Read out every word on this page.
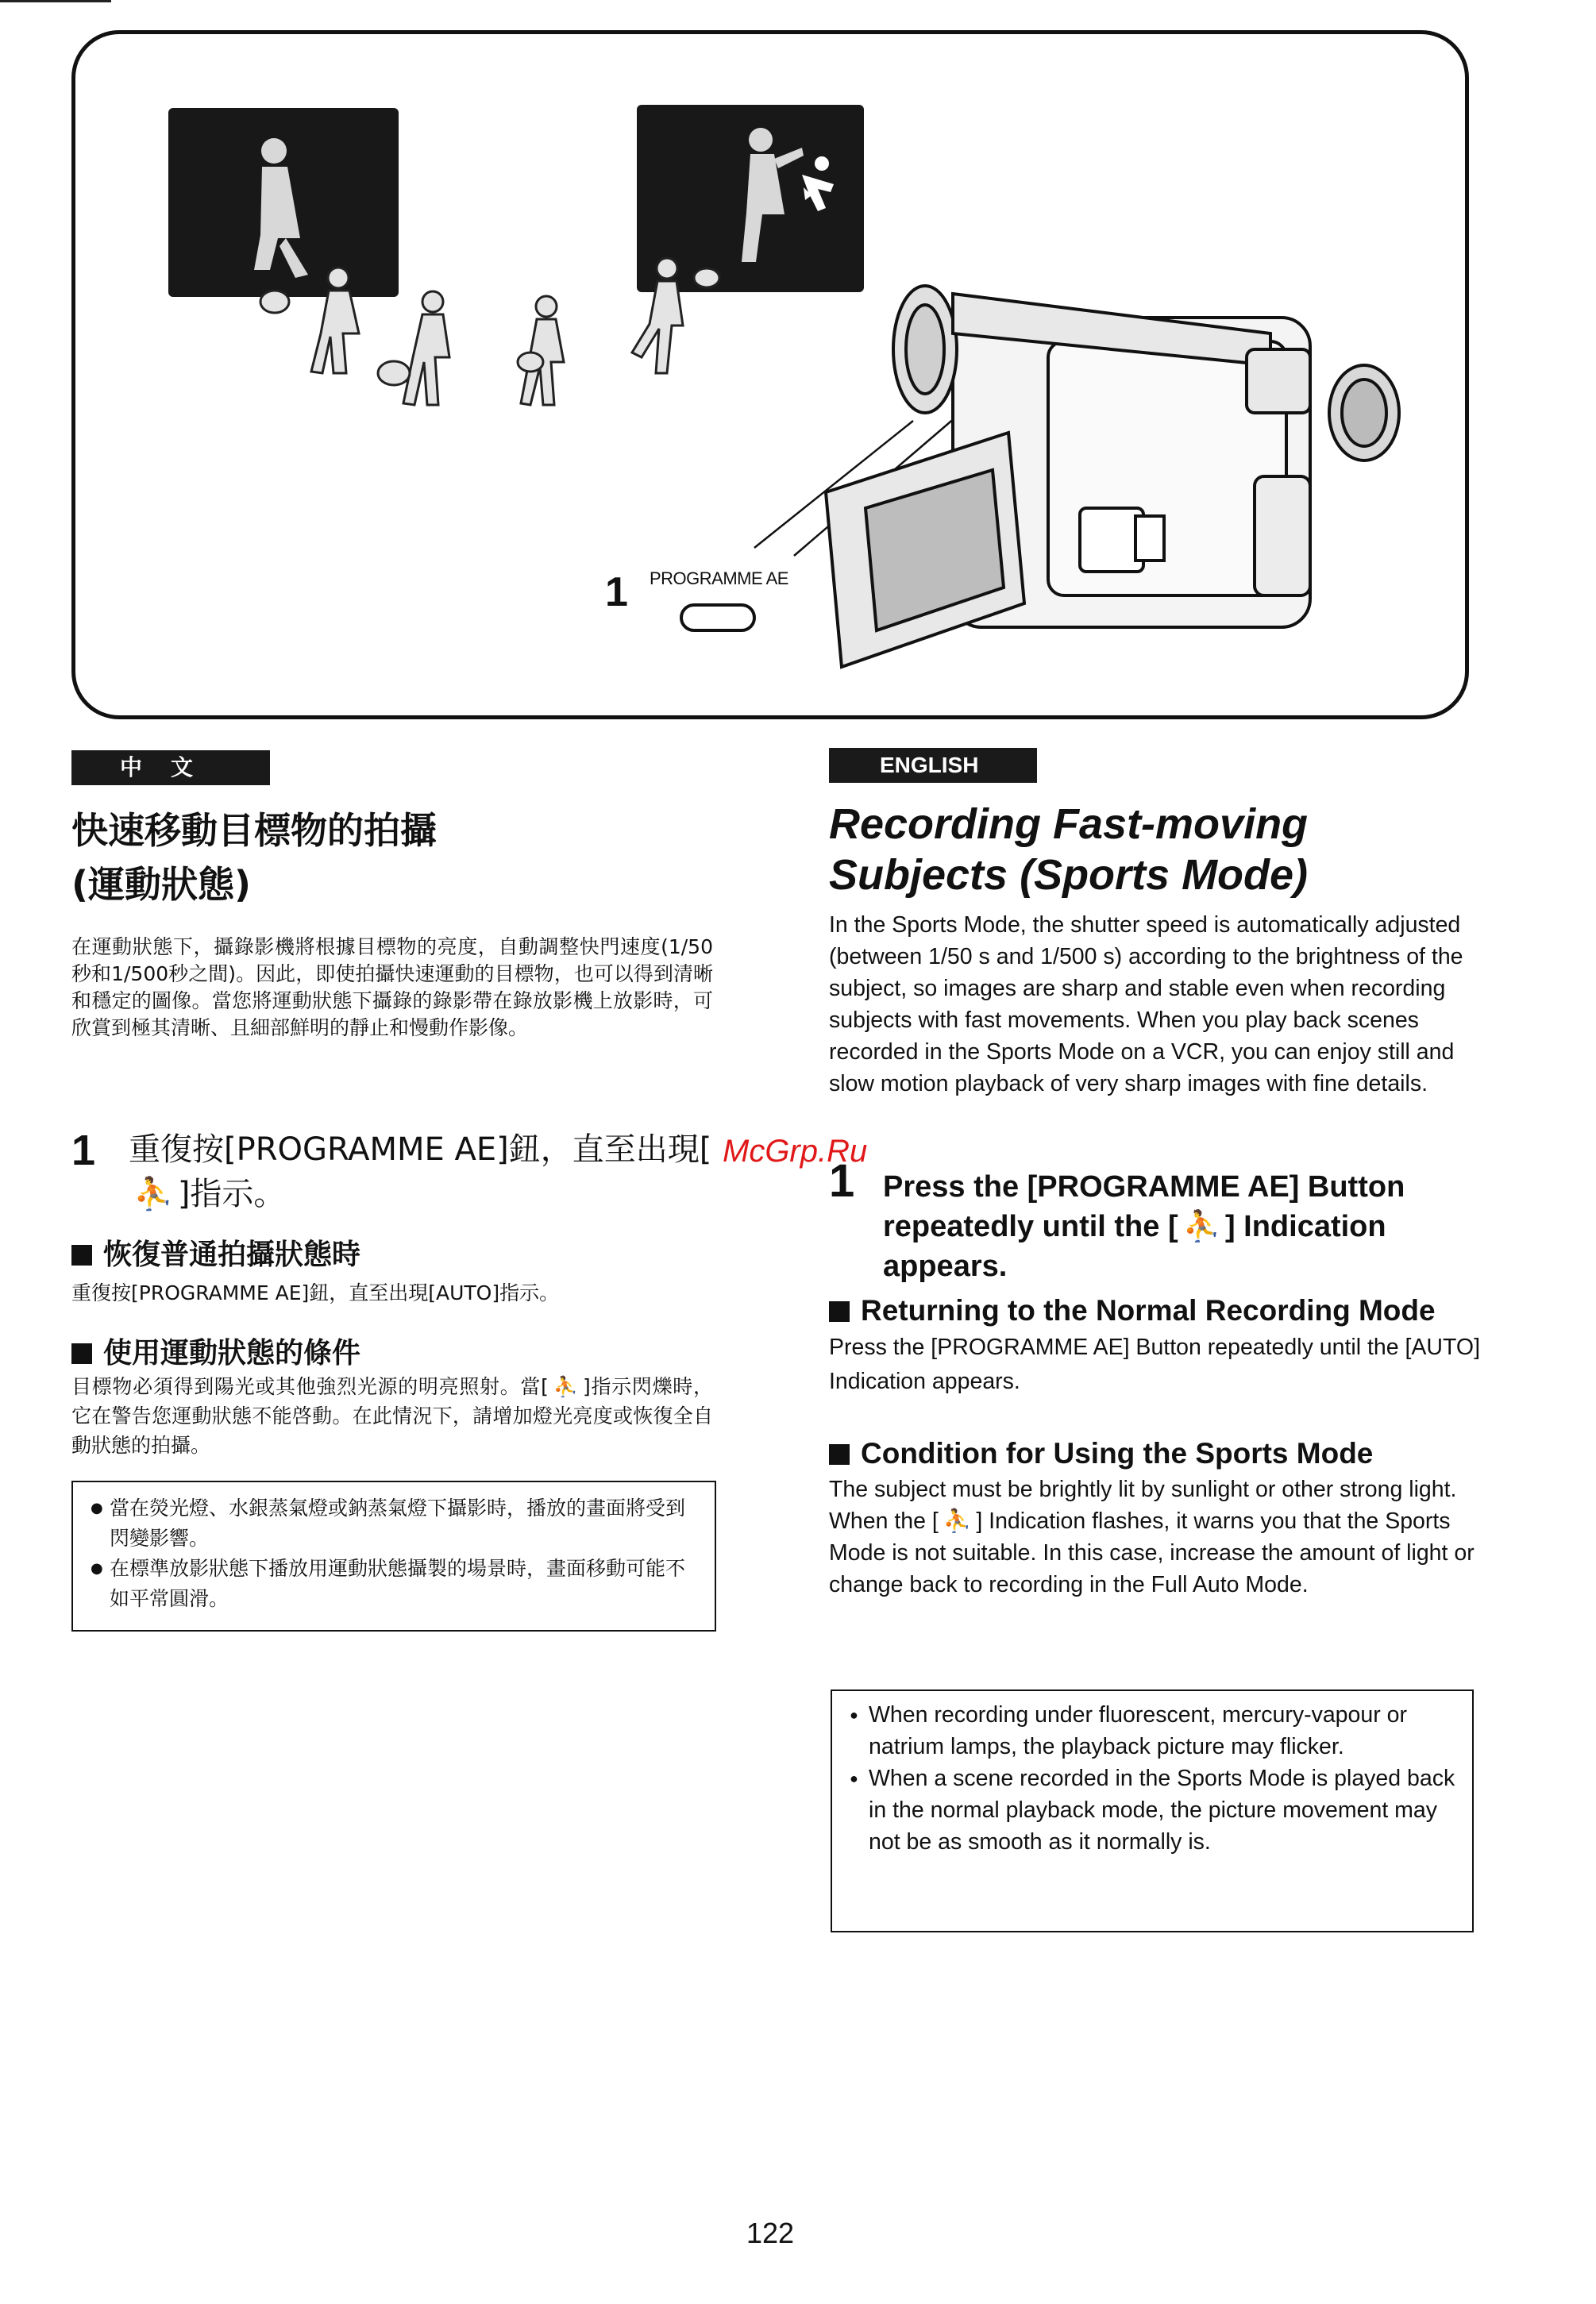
1 PROGRAMME AE
中文
快速移動目標物的拍攝
(運動狀態)
在運動狀態下，攝錄影機將根據目標物的亮度，自動調整快門速度(1/50秒和1/500秒之間)。因此，即使拍攝快速運動的目標物，也可以得到清晰和穩定的圖像。當您將運動狀態下攝錄的錄影帶在錄放影機上放影時，可欣賞到極其清晰、且細部鮮明的靜止和慢動作影像。
1 重復按[PROGRAMME AE]鈕，直至出現[⛹ ]指示。
恢復普通拍攝狀態時
重復按[PROGRAMME AE]鈕，直至出現[AUTO]指示。
使用運動狀態的條件
目標物必須得到陽光或其他強烈光源的明亮照射。當[ ⛹ ]指示閃爍時，它在警告您運動狀態不能啓動。在此情況下，請增加燈光亮度或恢復全自動狀態的拍攝。

● 當在熒光燈、水銀蒸氣燈或鈉蒸氣燈下攝影時，播放的畫面將受到閃變影響。

● 在標準放影狀態下播放用運動狀態攝製的場景時，畫面移動可能不如平常圓滑。

ENGLISH
Recording Fast-moving
Subjects (Sports Mode)
In the Sports Mode, the shutter speed is automatically adjusted (between 1/50 s and 1/500 s) according to the brightness of the subject, so images are sharp and stable even when recording subjects with fast movements. When you play back scenes recorded in the Sports Mode on a VCR, you can enjoy still and slow motion playback of very sharp images with fine details.
1 Press the [PROGRAMME AE] Button repeatedly until the [ ⛹ ] Indication appears.
Returning to the Normal Recording Mode
Press the [PROGRAMME AE] Button repeatedly until the [AUTO] Indication appears.
Condition for Using the Sports Mode
The subject must be brightly lit by sunlight or other strong light. When the [ ⛹ ] Indication flashes, it warns you that the Sports Mode is not suitable. In this case, increase the amount of light or change back to recording in the Full Auto Mode.

● When recording under fluorescent, mercury-vapour or natrium lamps, the playback picture may flicker.

● When a scene recorded in the Sports Mode is played back in the normal playback mode, the picture movement may not be as smooth as it normally is.

McGrp.Ru
122
